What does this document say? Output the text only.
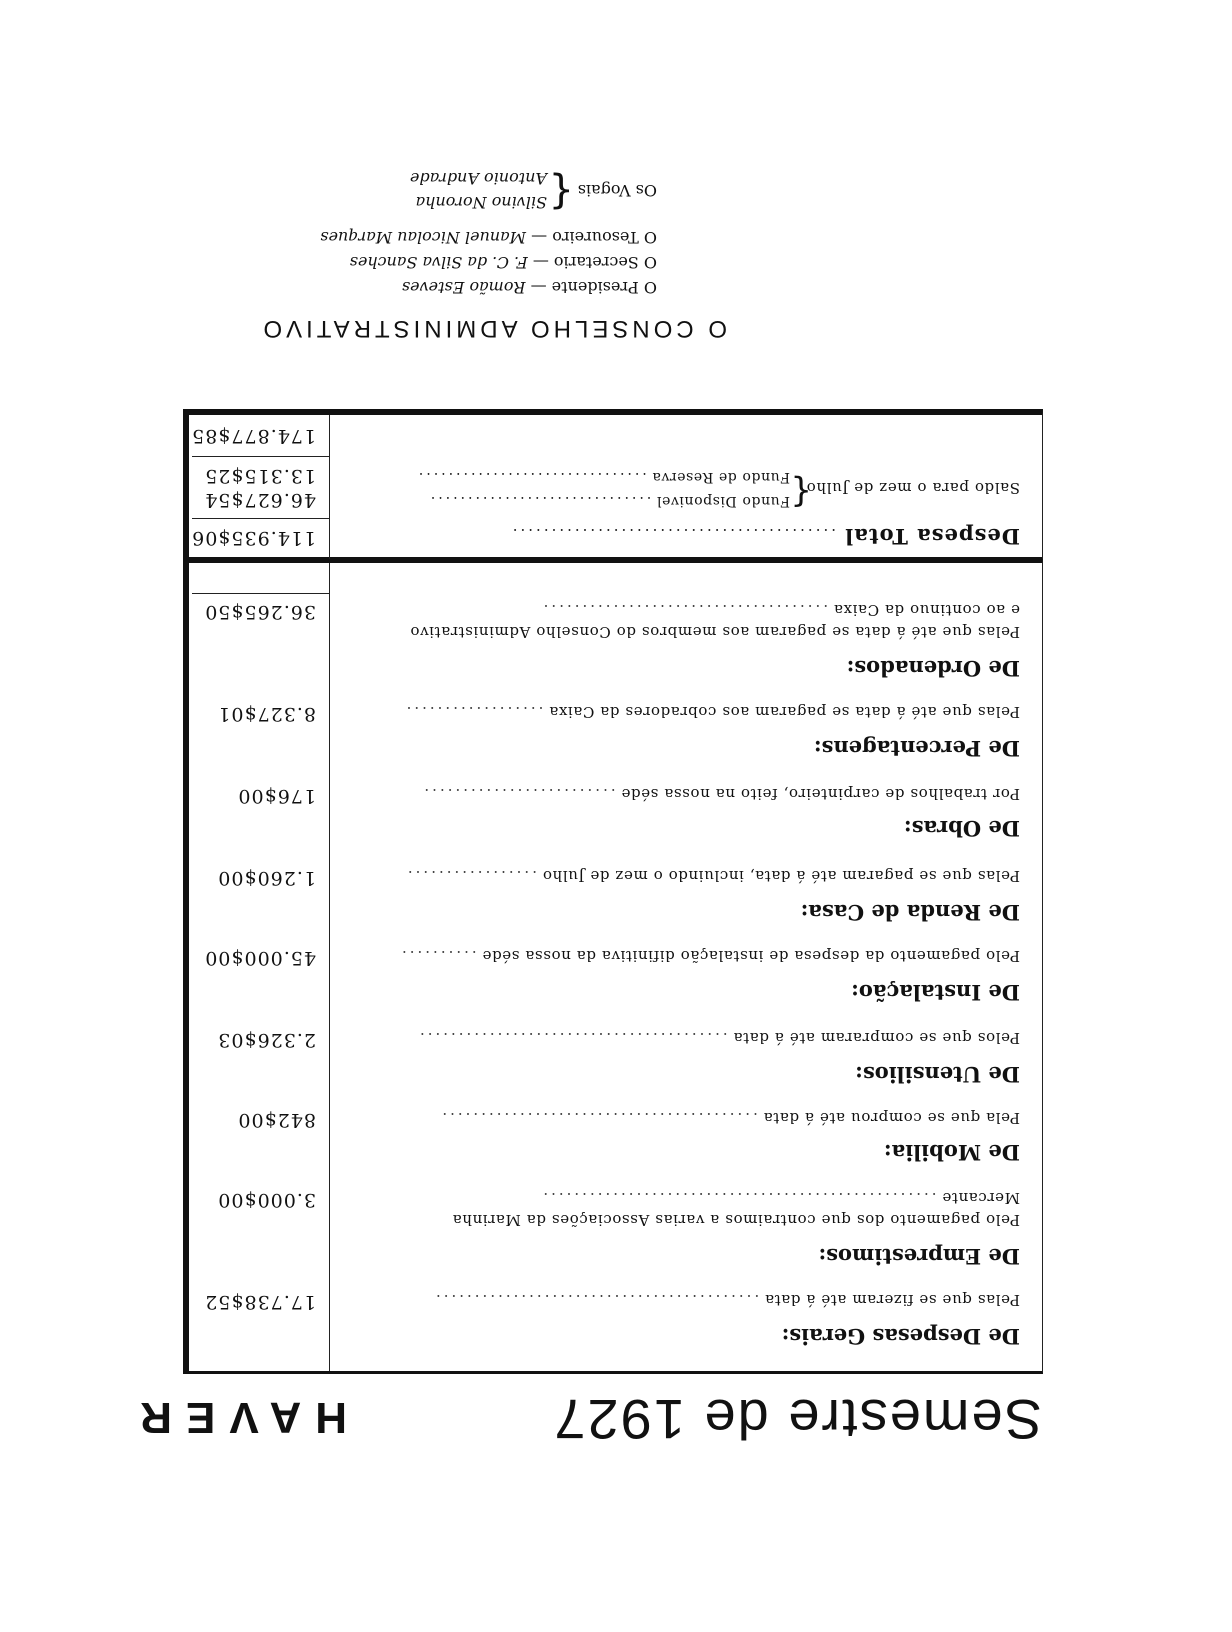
Semestre de 1927
HAVER
De Despesas Gerais:
Pelas que se fizeram até á data ..........................................
17.738$52
De Emprestimos:
Pelo pagamento dos que contraimos a varias Associações da Marinha
Mercante ...................................................
3.000$00
De Mobilia:
Pela que se comprou até á data .........................................
842$00
De Utensilios:
Pelos que se compraram até á data ........................................
2.326$03
De Instalação:
Pelo pagamento da despesa de instalação difinitiva da nossa séde ..........
45.000$00
De Renda de Casa:
Pelas que se pagaram até á data, incluindo o mez de Julho .................
1.260$00
De Obras:
Por trabalhos de carpinteiro, feito na nossa séde .........................
176$00
De Percentagens:
Pelas que até á data se pagaram aos cobradores da Caixa ..................
8.327$01
De Ordenados:
Pelas que até á data se pagaram aos membros do Conselho Administrativo
e ao continuo da Caixa .....................................
36.265$50
Despesa Total ..........................................
114.935$06
Saldo para o mez de Julho
{
Fundo Disponivel ..............................
Fundo de Reserva ...............................
46.627$54
13.315$25
174.877$85
O CONSELHO ADMINISTRATIVO
O Presidente — Romão Esteves
O Secretario — F. C. da Silva Sanches
O Tesoureiro — Manuel Nicolau Marques
Os Vogais
{
Silvino Noronha
Antonio Andrade
